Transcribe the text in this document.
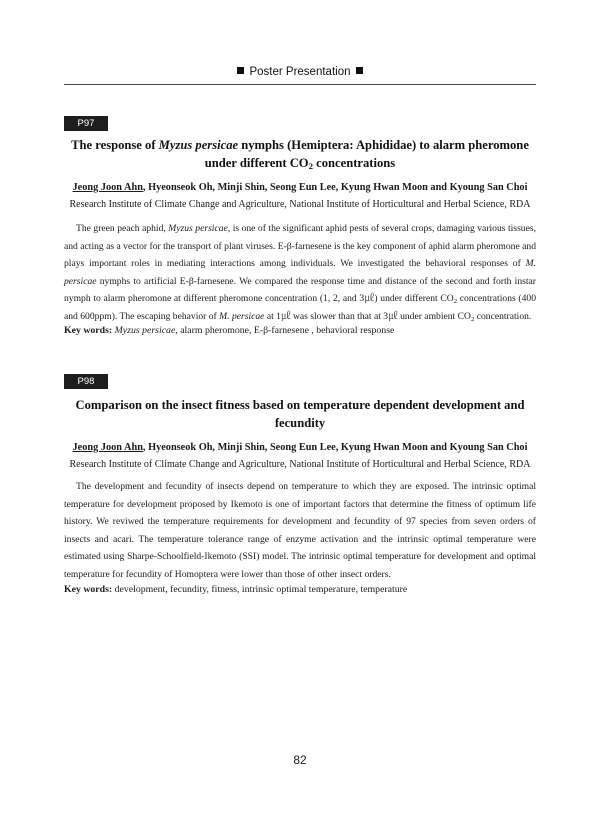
Poster Presentation
P97
The response of Myzus persicae nymphs (Hemiptera: Aphididae) to alarm pheromone under different $CO_2$ concentrations
Jeong Joon Ahn, Hyeonseok Oh, Minji Shin, Seong Eun Lee, Kyung Hwan Moon and Kyoung San Choi
Research Institute of Climate Change and Agriculture, National Institute of Horticultural and Herbal Science, RDA

The green peach aphid, Myzus persicae, is one of the significant aphid pests of several crops, damaging various tissues, and acting as a vector for the transport of plant viruses. E-β-farnesene is the key component of aphid alarm pheromone and plays important roles in mediating interactions among individuals. We investigated the behavioral responses of M. persicae nymphs to artificial E-β-farnesene. We compared the response time and distance of the second and forth instar nymph to alarm pheromone at different pheromone concentration (1, 2, and 3㎕) under different $CO_2$ concentrations (400 and 600ppm). The escaping behavior of M. persicae at 1㎕ was slower than that at 3㎕ under ambient $CO_2$ concentration.

Key words: Myzus persicae, alarm pheromone, E-β-farnesene , behavioral response
P98
Comparison on the insect fitness based on temperature dependent development and fecundity
Jeong Joon Ahn, Hyeonseok Oh, Minji Shin, Seong Eun Lee, Kyung Hwan Moon and Kyoung San Choi
Research Institute of Climate Change and Agriculture, National Institute of Horticultural and Herbal Science, RDA

The development and fecundity of insects depend on temperature to which they are exposed. The intrinsic optimal temperature for development proposed by Ikemoto is one of important factors that determine the fitness of optimum life history. We reviwed the temperature requirements for development and fecundity of 97 species from seven orders of insects and acari. The temperature tolerance range of enzyme activation and the intrinsic optimal temperature were estimated using Sharpe-Schoolfield-Ikemoto (SSI) model. The intrinsic optimal temperature for development and optimal temperature for fecundity of Homoptera were lower than those of other insect orders.

Key words: development, fecundity, fitness, intrinsic optimal temperature, temperature
82
